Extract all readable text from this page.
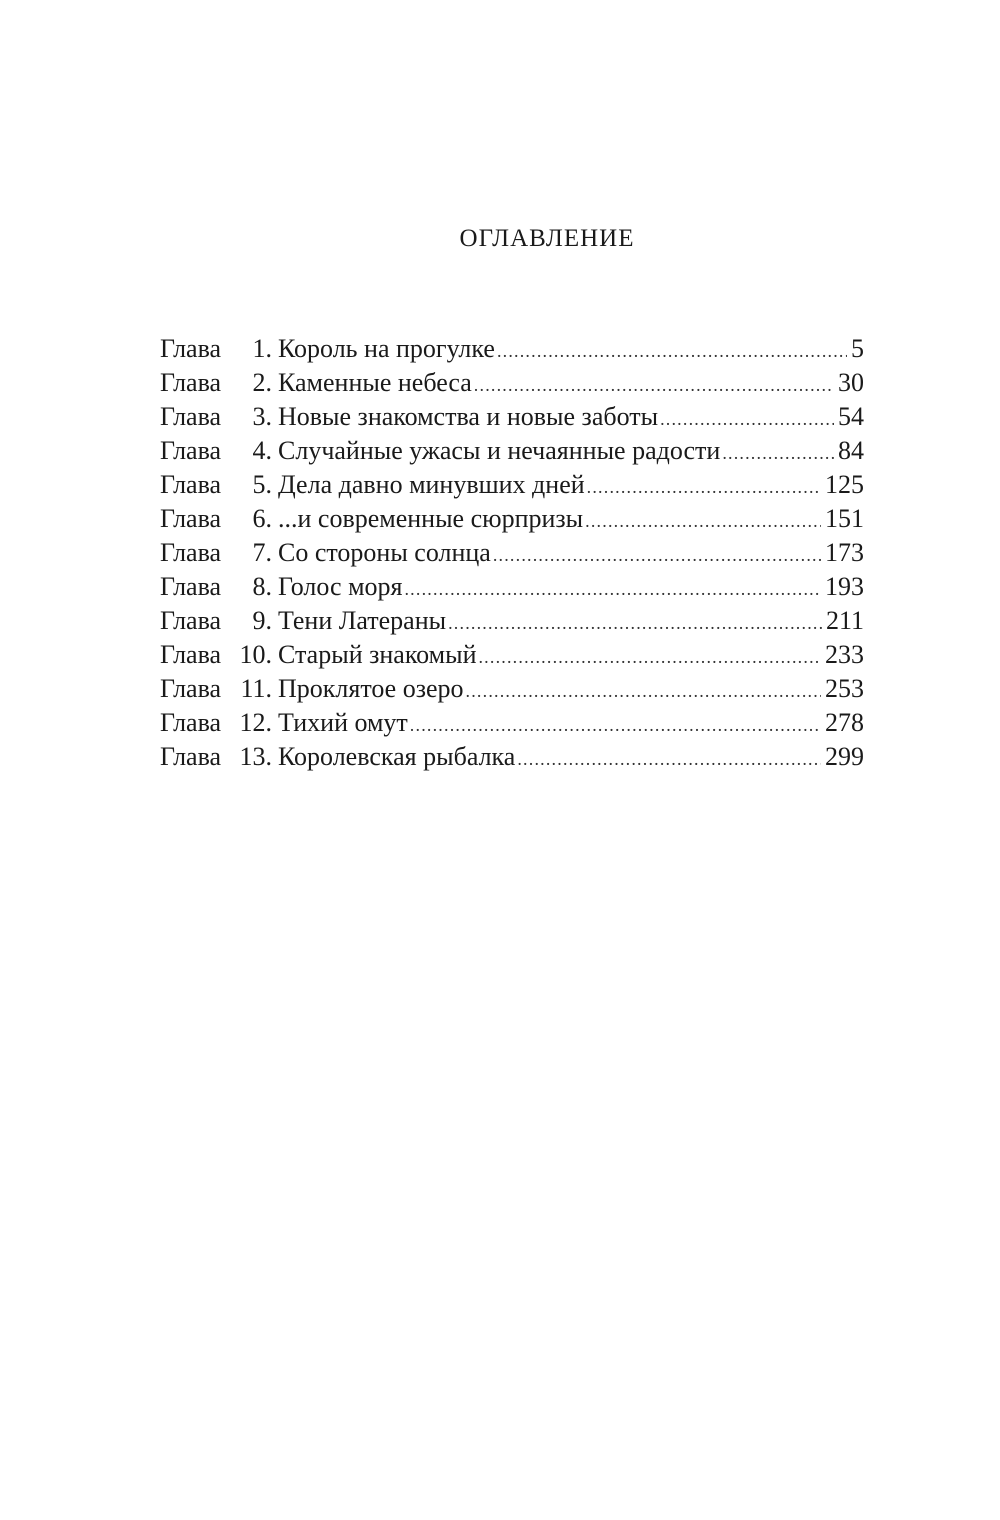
ОГЛАВЛЕНИЕ
Глава	1. Король на прогулке .....	5
Глава	2. Каменные небеса .....	30
Глава	3. Новые знакомства и новые заботы .....	54
Глава	4. Случайные ужасы и нечаянные радости .....	84
Глава	5. Дела давно минувших дней .....	125
Глава	6. ...и современные сюрпризы .....	151
Глава	7. Со стороны солнца .....	173
Глава	8. Голос моря .....	193
Глава	9. Тени Латераны .....	211
Глава 10. Старый знакомый .....	233
Глава 11. Проклятое озеро .....	253
Глава 12. Тихий омут .....	278
Глава 13. Королевская рыбалка .....	299
